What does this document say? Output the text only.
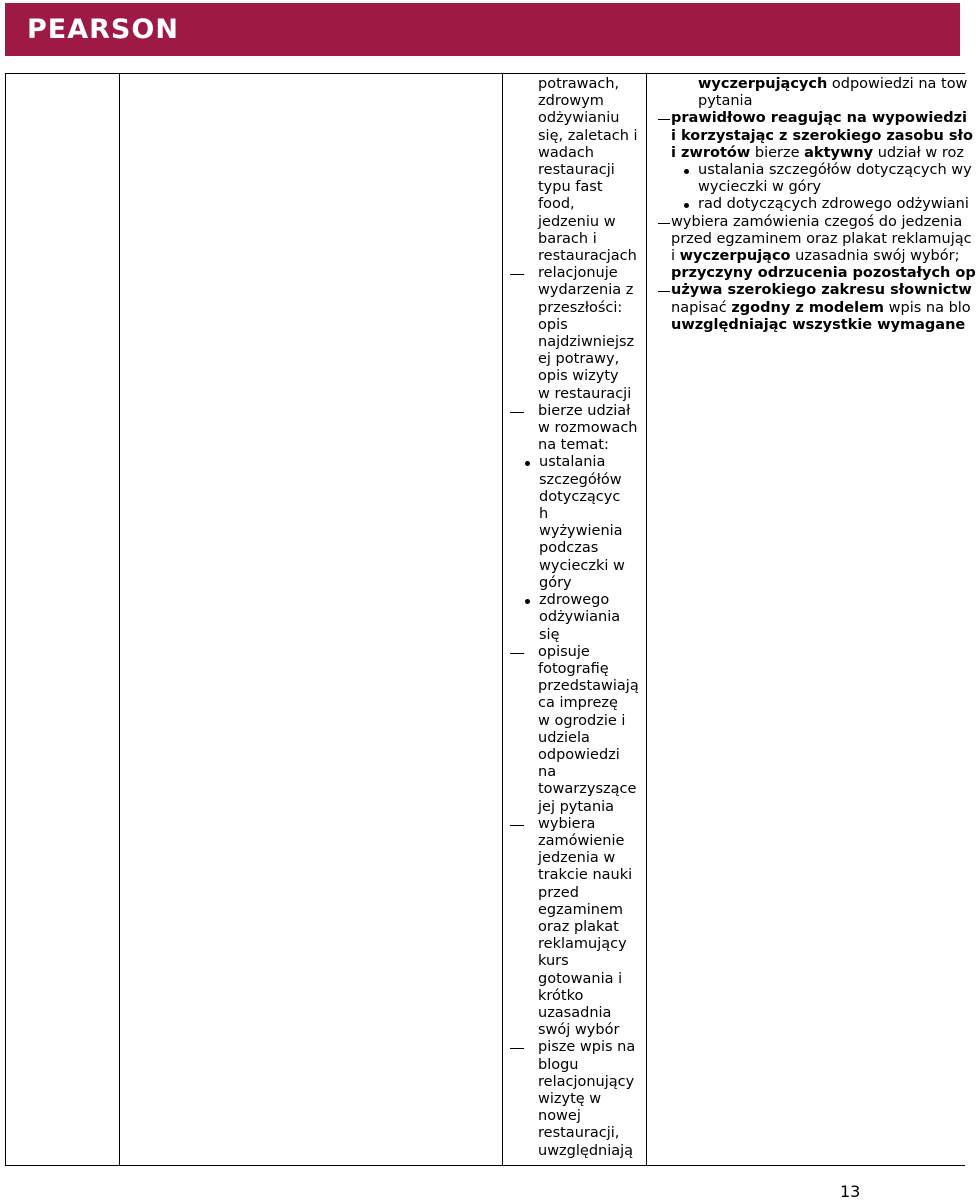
PEARSON
potrawach,
zdrowym
odżywianiu
się, zaletach i
wadach
restauracji
typu fast
food,
jedzeniu w
barach i
restauracjach
relacjonuje
wydarzenia z
przeszłości:
opis
najdziwniejsz
ej potrawy,
opis wizyty
w restauracji
bierze udział
w rozmowach
na temat:
ustalania
szczegółów
dotyczącyc
h
wyżywienia
podczas
wycieczki w
góry
zdrowego
odżywiania
się
opisuje
fotografię
przedstawiają
ca imprezę
w ogrodzie i
udziela
odpowiedzi
na
towarzyszące
jej pytania
wybiera
zamówienie
jedzenia w
trakcie nauki
przed
egzaminem
oraz plakat
reklamujący
kurs
gotowania i
krótko
uzasadnia
swój wybór
pisze wpis na
blogu
relacjonujący
wizytę w
nowej
restauracji,
uwzględniają
wyczerpujących odpowiedzi na tow
pytania
prawidłowo reagując na wypowiedzi
i korzystając z szerokiego zasobu sło
i zwrotów bierze aktywny udział w roz
ustalania szczegółów dotyczących wy
wycieczki w góry
rad dotyczących zdrowego odżywiani
wybiera zamówienia czegoś do jedzenia
przed egzaminem oraz plakat reklamując
i wyczerpująco uzasadnia swój wybór;
przyczyny odrzucenia pozostałych op
używa szerokiego zakresu słownictw
napisać zgodny z modelem wpis na blo
uwzględniając wszystkie wymagane
13
